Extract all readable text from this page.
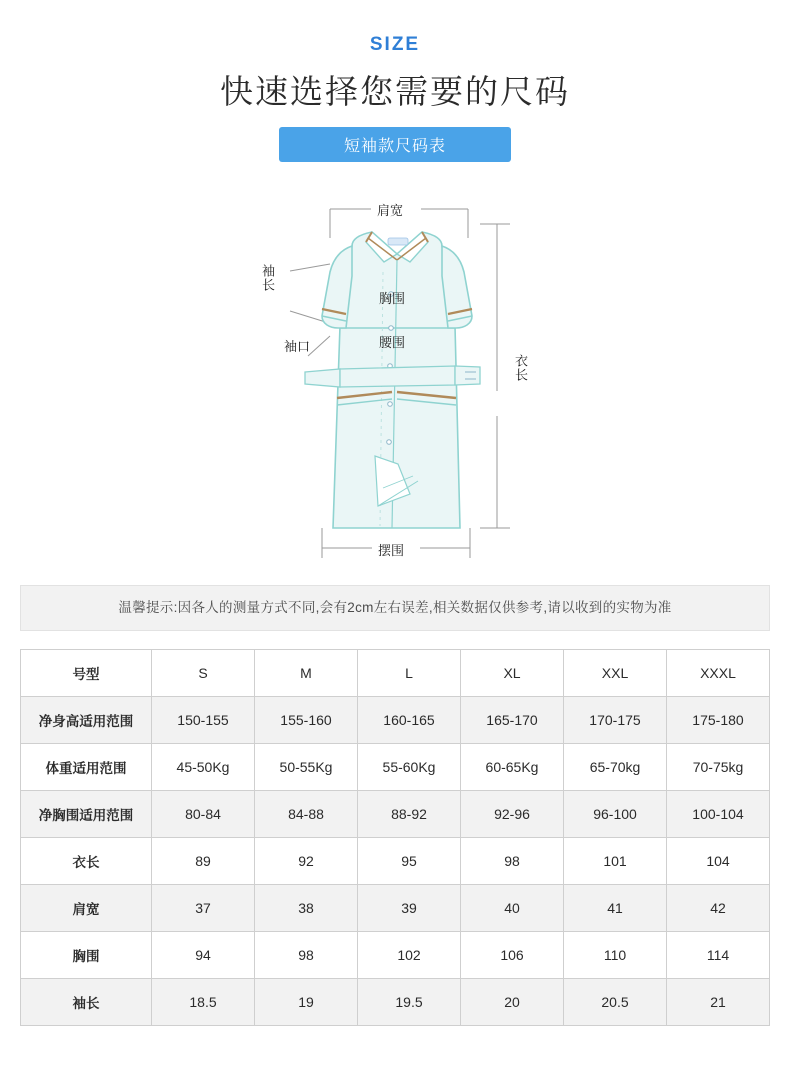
SIZE
快速选择您需要的尺码
短袖款尺码表
肩宽
袖长
胸围
腰围
袖口
衣长
摆围
温馨提示:因各人的测量方式不同,会有2cm左右误差,相关数据仅供参考,请以收到的实物为准
号型	S	M	L	XL	XXL	XXXL
净身高适用范围	150-155	155-160	160-165	165-170	170-175	175-180
体重适用范围	45-50Kg	50-55Kg	55-60Kg	60-65Kg	65-70kg	70-75kg
净胸围适用范围	80-84	84-88	88-92	92-96	96-100	100-104
衣长	89	92	95	98	101	104
肩宽	37	38	39	40	41	42
胸围	94	98	102	106	110	114
袖长	18.5	19	19.5	20	20.5	21
